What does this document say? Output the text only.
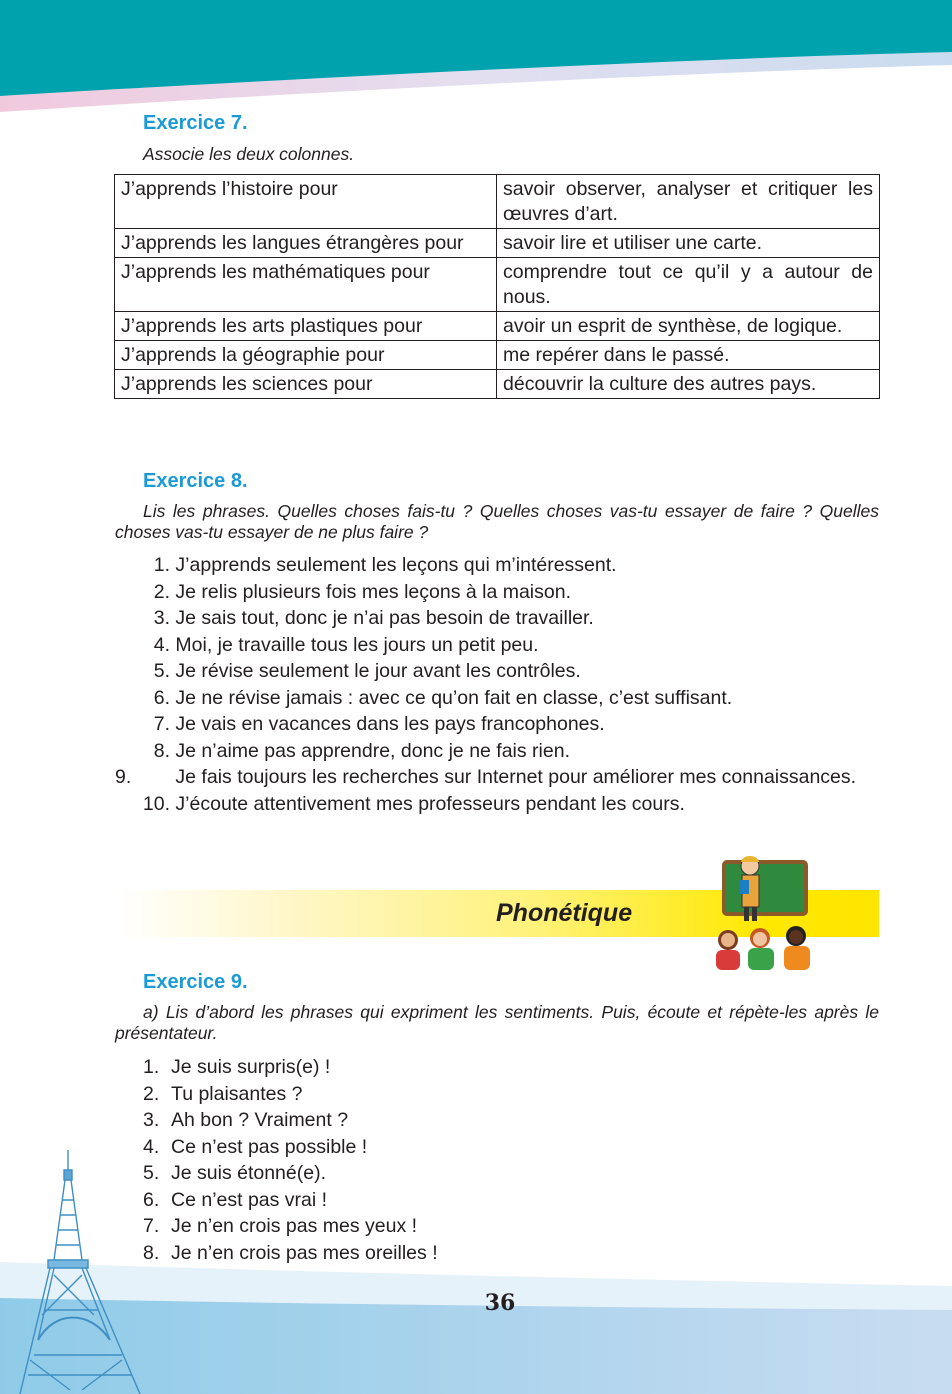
Exercice 7.
Associe les deux colonnes.
J’apprends l’histoire pour	savoir observer, analyser et critiquer les œuvres d’art.
J’apprends les langues étrangères pour	savoir lire et utiliser une carte.
J’apprends les mathématiques pour	comprendre tout ce qu’il y a autour de nous.
J’apprends les arts plastiques pour	avoir un esprit de synthèse, de logique.
J’apprends la géographie pour	me repérer dans le passé.
J’apprends les sciences pour	découvrir la culture des autres pays.
Exercice 8.
Lis les phrases. Quelles choses fais-tu ? Quelles choses vas-tu essayer de faire ? Quelles choses vas-tu essayer de ne plus faire ?
1. J’apprends seulement les leçons qui m’intéressent.
2. Je relis plusieurs fois mes leçons à la maison.
3. Je sais tout, donc je n’ai pas besoin de travailler.
4. Moi, je travaille tous les jours un petit peu.
5. Je révise seulement le jour avant les contrôles.
6. Je ne révise jamais : avec ce qu’on fait en classe, c’est suffisant.
7. Je vais en vacances dans les pays francophones.
8. Je n’aime pas apprendre, donc je ne fais rien.
9. Je fais toujours les recherches sur Internet pour améliorer mes connaissances.
10. J’écoute attentivement mes professeurs pendant les cours.
Phonétique
Exercice 9.
a) Lis d’abord les phrases qui expriment les sentiments. Puis, écoute et répète-les après le présentateur.
1. Je suis surpris(e) !
2. Tu plaisantes ?
3. Ah bon ? Vraiment ?
4. Ce n’est pas possible !
5. Je suis étonné(e).
6. Ce n’est pas vrai !
7. Je n’en crois pas mes yeux !
8. Je n’en crois pas mes oreilles !
36
